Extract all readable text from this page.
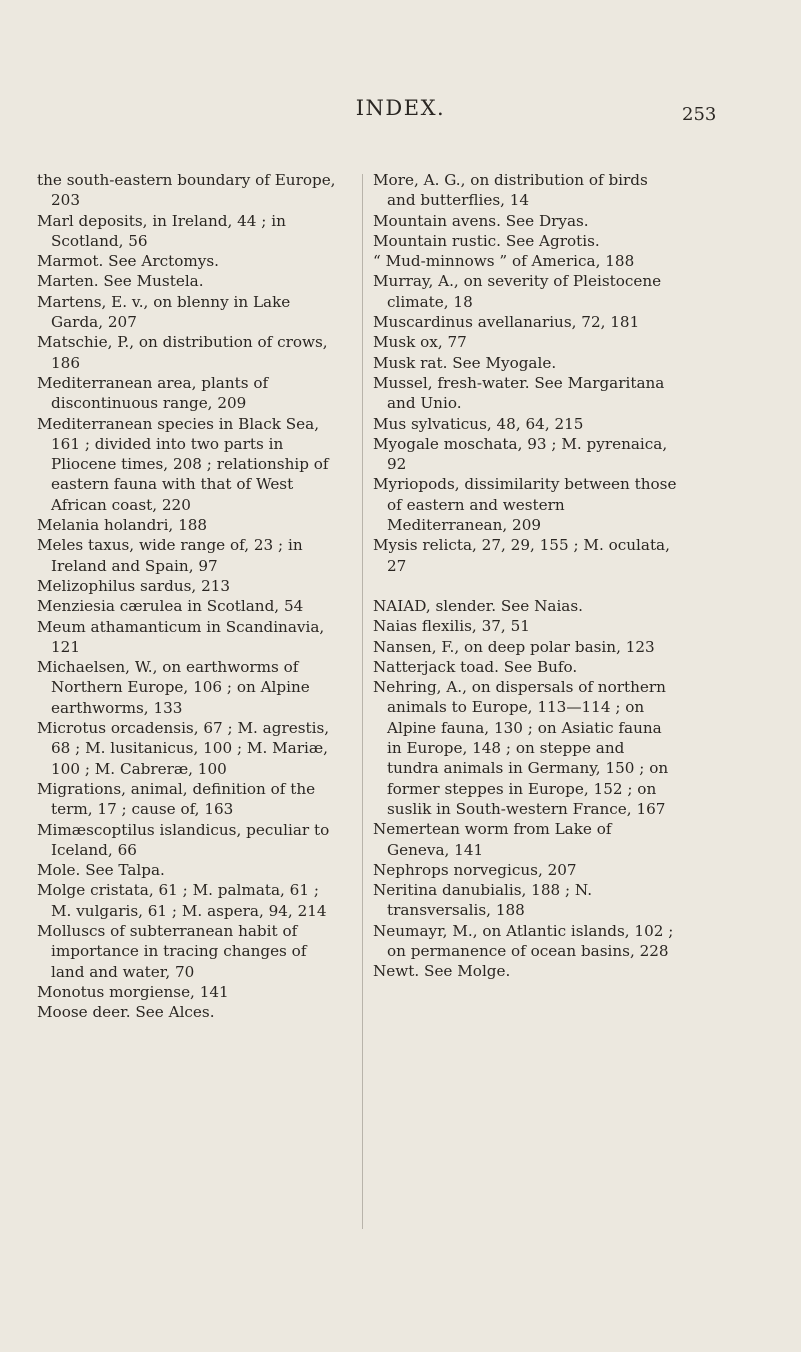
INDEX.	253
the south-eastern boundary of Europe, 203
Marl deposits, in Ireland, 44 ; in Scotland, 56
Marmot. See Arctomys.
Marten. See Mustela.
Martens, E. v., on blenny in Lake Garda, 207
Matschie, P., on distribution of crows, 186
Mediterranean area, plants of discontinuous range, 209
Mediterranean species in Black Sea, 161 ; divided into two parts in Pliocene times, 208 ; relationship of eastern fauna with that of West African coast, 220
Melania holandri, 188
Meles taxus, wide range of, 23 ; in Ireland and Spain, 97
Melizophilus sardus, 213
Menziesia cærulea in Scotland, 54
Meum athamanticum in Scandinavia, 121
Michaelsen, W., on earthworms of Northern Europe, 106 ; on Alpine earthworms, 133
Microtus orcadensis, 67 ; M. agrestis, 68 ; M. lusitanicus, 100 ; M. Mariæ, 100 ; M. Cabreræ, 100
Migrations, animal, definition of the term, 17 ; cause of, 163
Mimæscoptilus islandicus, peculiar to Iceland, 66
Mole. See Talpa.
Molge cristata, 61 ; M. palmata, 61 ; M. vulgaris, 61 ; M. aspera, 94, 214
Molluscs of subterranean habit of importance in tracing changes of land and water, 70
Monotus morgiense, 141
Moose deer. See Alces.
More, A. G., on distribution of birds and butterflies, 14
Mountain avens. See Dryas.
Mountain rustic. See Agrotis.
“ Mud-minnows ” of America, 188
Murray, A., on severity of Pleistocene climate, 18
Muscardinus avellanarius, 72, 181
Musk ox, 77
Musk rat. See Myogale.
Mussel, fresh-water. See Margaritana and Unio.
Mus sylvaticus, 48, 64, 215
Myogale moschata, 93 ; M. pyrenaica, 92
Myriopods, dissimilarity between those of eastern and western Mediterranean, 209
Mysis relicta, 27, 29, 155 ; M. oculata, 27
NAIAD, slender. See Naias.
Naias flexilis, 37, 51
Nansen, F., on deep polar basin, 123
Natterjack toad. See Bufo.
Nehring, A., on dispersals of northern animals to Europe, 113—114 ; on Alpine fauna, 130 ; on Asiatic fauna in Europe, 148 ; on steppe and tundra animals in Germany, 150 ; on former steppes in Europe, 152 ; on suslik in South-western France, 167
Nemertean worm from Lake of Geneva, 141
Nephrops norvegicus, 207
Neritina danubialis, 188 ; N. transversalis, 188
Neumayr, M., on Atlantic islands, 102 ; on permanence of ocean basins, 228
Newt. See Molge.
